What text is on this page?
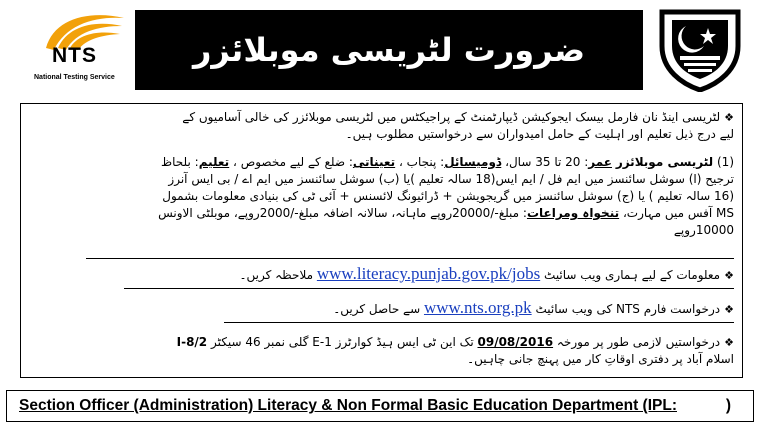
NTS
National Testing Service
ضرورت لٹریسی موبلائزر
❖لٹریسی اینڈ نان فارمل بیسک ایجوکیشن ڈیپارٹمنٹ کے پراجیکٹس میں لٹریسی موبلائزر کی خالی آسامیوں کے
لیے درج ذیل تعلیم اور اہلیت کے حامل امیدواران سے درخواستیں مطلوب ہیں۔
(1) لٹریسی موبلائزر عمر: 20 تا 35 سال، ڈومیسائل: پنجاب ، تعیناتی: ضلع کے لیے مخصوص ، تعلیم: بلحاظ
ترجیح (ا) سوشل سائنسز میں ایم فل / ایم ایس(18 سالہ تعلیم )یا (ب) سوشل سائنسز میں ایم اے / بی ایس آنرز
(16 سالہ تعلیم ) یا (ج) سوشل سائنسز میں گریجویشن + ڈرائیونگ لائسنس + آئی ٹی کی بنیادی معلومات بشمول
MS آفس میں مہارت، تنخواہ ومراعات: مبلغ-/20000روپے ماہانہ، سالانہ اضافہ مبلغ-/2000روپے، موبلٹی الاونس
10000روپے
❖معلومات کے لیے ہماری ویب سائیٹ www.literacy.punjab.gov.pk/jobs ملاحظہ کریں۔
❖درخواست فارم NTS کی ویب سائیٹ www.nts.org.pk سے حاصل کریں۔
❖درخواستیں لازمی طور پر مورخہ 09/08/2016 تک این ٹی ایس ہیڈ کوارٹرز E-1 گلی نمبر 46 سیکٹر I-8/2
اسلام آباد پر دفتری اوقاتِ کار میں پہنچ جانی چاہیں۔
Section Officer (Administration) Literacy & Non Formal Basic Education Department (IPL:	)
